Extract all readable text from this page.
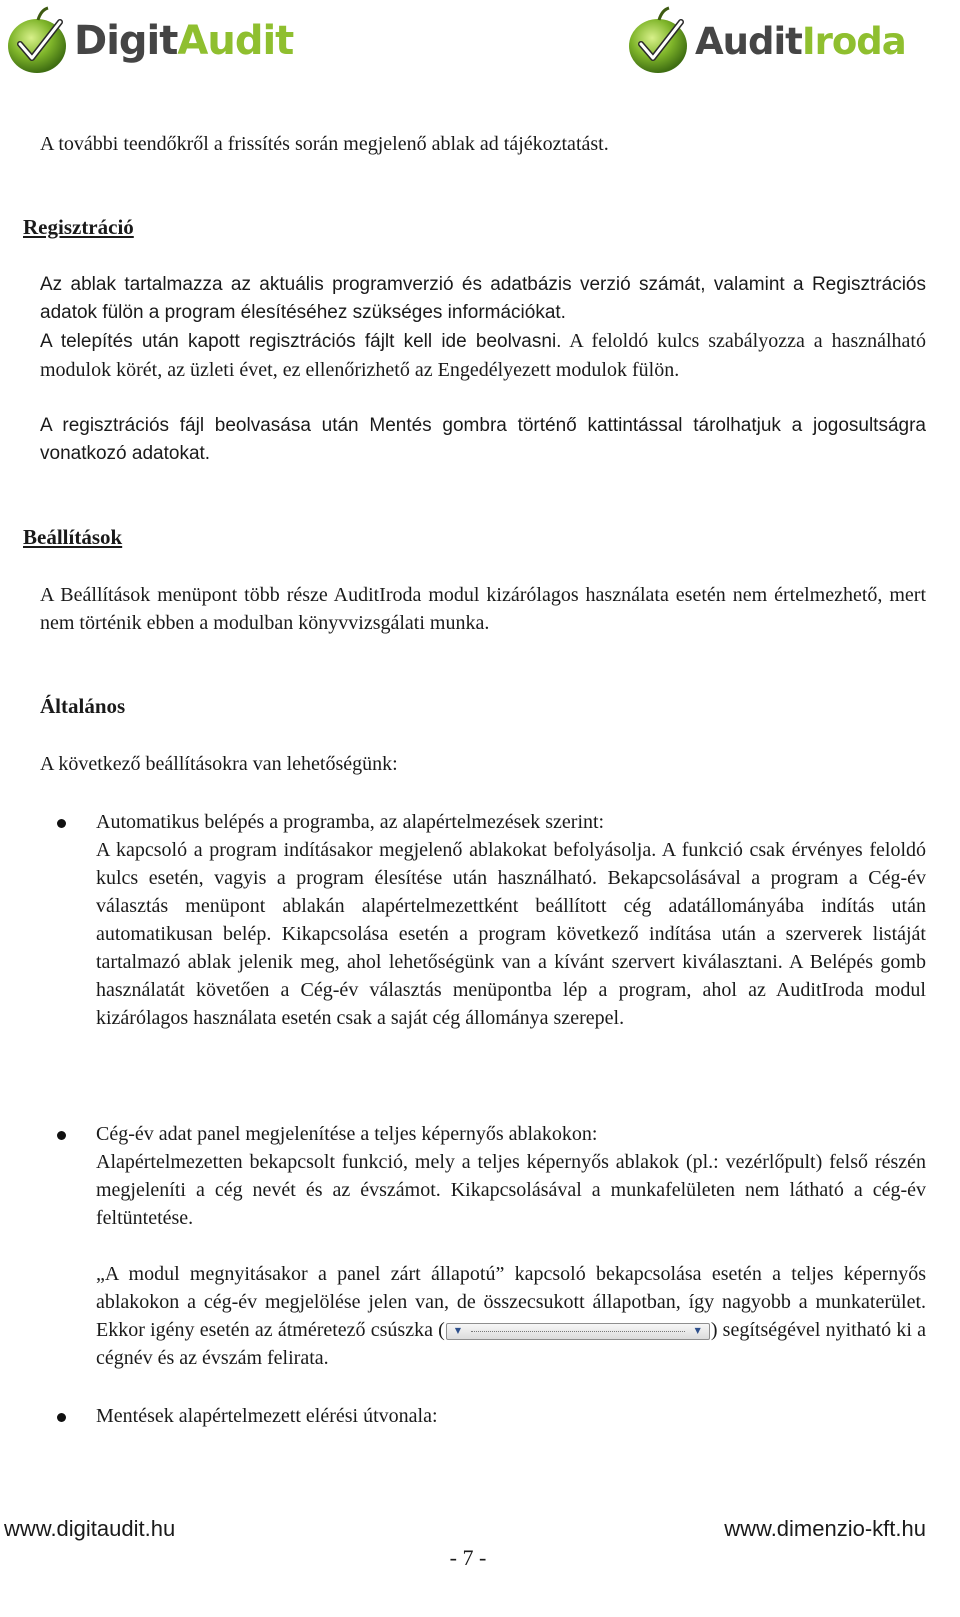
DigitAudit	AuditIroda

A további teendőkről a frissítés során megjelenő ablak ad tájékoztatást.

Regisztráció

Az ablak tartalmazza az aktuális programverzió és adatbázis verzió számát, valamint a Regisztrációs adatok fülön a program élesítéséhez szükséges információkat.

A telepítés után kapott regisztrációs fájlt kell ide beolvasni. A feloldó kulcs szabályozza a használható modulok körét, az üzleti évet, ez ellenőrizhető az Engedélyezett modulok fülön.

A regisztrációs fájl beolvasása után Mentés gombra történő kattintással tárolhatjuk a jogosultságra vonatkozó adatokat.

Beállítások

A Beállítások menüpont több része AuditIroda modul kizárólagos használata esetén nem értelmezhető, mert nem történik ebben a modulban könyvvizsgálati munka.

Általános

A következő beállításokra van lehetőségünk:

Automatikus belépés a programba, az alapértelmezések szerint:
A kapcsoló a program indításakor megjelenő ablakokat befolyásolja. A funkció csak érvényes feloldó kulcs esetén, vagyis a program élesítése után használható. Bekapcsolásával a program a Cég-év választás menüpont ablakán alapértelmezettként beállított cég adatállományába indítás után automatikusan belép. Kikapcsolása esetén a program következő indítása után a szerverek listáját tartalmazó ablak jelenik meg, ahol lehetőségünk van a kívánt szervert kiválasztani. A Belépés gomb használatát követően a Cég-év választás menüpontba lép a program, ahol az AuditIroda modul kizárólagos használata esetén csak a saját cég állománya szerepel.

Cég-év adat panel megjelenítése a teljes képernyős ablakokon:
Alapértelmezetten bekapcsolt funkció, mely a teljes képernyős ablakok (pl.: vezérlőpult) felső részén megjeleníti a cég nevét és az évszámot. Kikapcsolásával a munkafelületen nem látható a cég-év feltüntetése.

„A modul megnyitásakor a panel zárt állapotú” kapcsoló bekapcsolása esetén a teljes képernyős ablakokon a cég-év megjelölése jelen van, de összecsukott állapotban, így nagyobb a munkaterület. Ekkor igény esetén az átméretező csúszka ( ▼	▼ ) segítségével nyitható ki a cégnév és az évszám felirata.

Mentések alapértelmezett elérési útvonala:

www.digitaudit.hu	www.dimenzio-kft.hu

- 7 -
